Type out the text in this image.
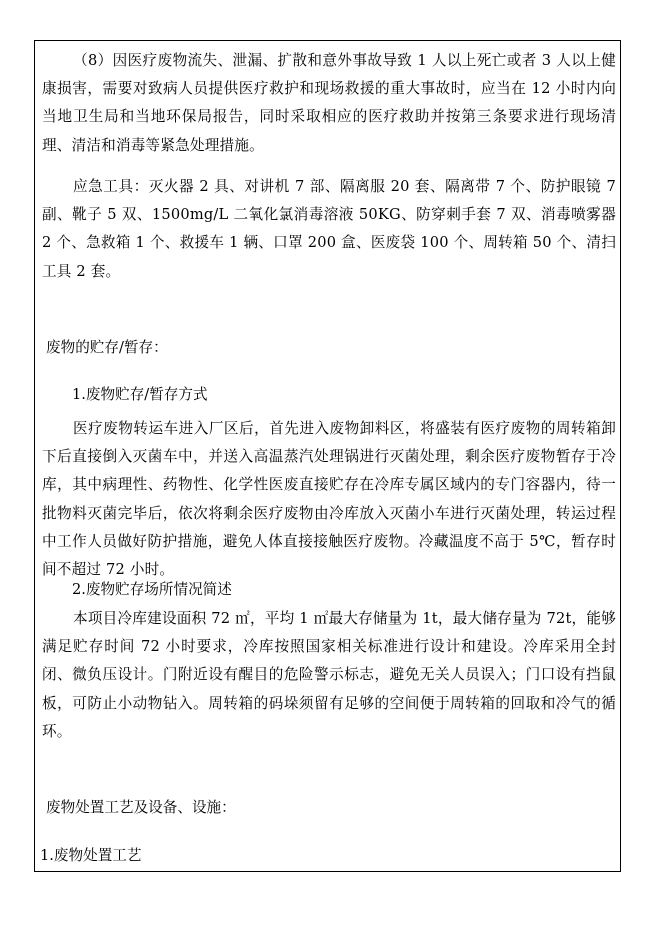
（8）因医疗废物流失、泄漏、扩散和意外事故导致 1 人以上死亡或者 3 人以上健康损害，需要对致病人员提供医疗救护和现场救援的重大事故时，应当在 12 小时内向当地卫生局和当地环保局报告，同时采取相应的医疗救助并按第三条要求进行现场清理、清洁和消毒等紧急处理措施。

应急工具：灭火器 2 具、对讲机 7 部、隔离服 20 套、隔离带 7 个、防护眼镜 7 副、靴子 5 双、1500mg/L 二氧化氯消毒溶液 50KG、防穿刺手套 7 双、消毒喷雾器 2 个、急救箱 1 个、救援车 1 辆、口罩 200 盒、医废袋 100 个、周转箱 50 个、清扫工具 2 套。

废物的贮存/暂存：

1.废物贮存/暂存方式

医疗废物转运车进入厂区后，首先进入废物卸料区，将盛装有医疗废物的周转箱卸下后直接倒入灭菌车中，并送入高温蒸汽处理锅进行灭菌处理，剩余医疗废物暂存于冷库，其中病理性、药物性、化学性医废直接贮存在冷库专属区域内的专门容器内，待一批物料灭菌完毕后，依次将剩余医疗废物由冷库放入灭菌小车进行灭菌处理，转运过程中工作人员做好防护措施，避免人体直接接触医疗废物。冷藏温度不高于 5℃，暂存时间不超过 72 小时。

2.废物贮存场所情况简述

本项目冷库建设面积 72 ㎡，平均 1 ㎡最大存储量为 1t，最大储存量为 72t，能够满足贮存时间 72 小时要求，冷库按照国家相关标准进行设计和建设。冷库采用全封闭、微负压设计。门附近设有醒目的危险警示标志，避免无关人员误入；门口设有挡鼠板，可防止小动物钻入。周转箱的码垛须留有足够的空间便于周转箱的回取和冷气的循环。

废物处置工艺及设备、设施：

1.废物处置工艺
